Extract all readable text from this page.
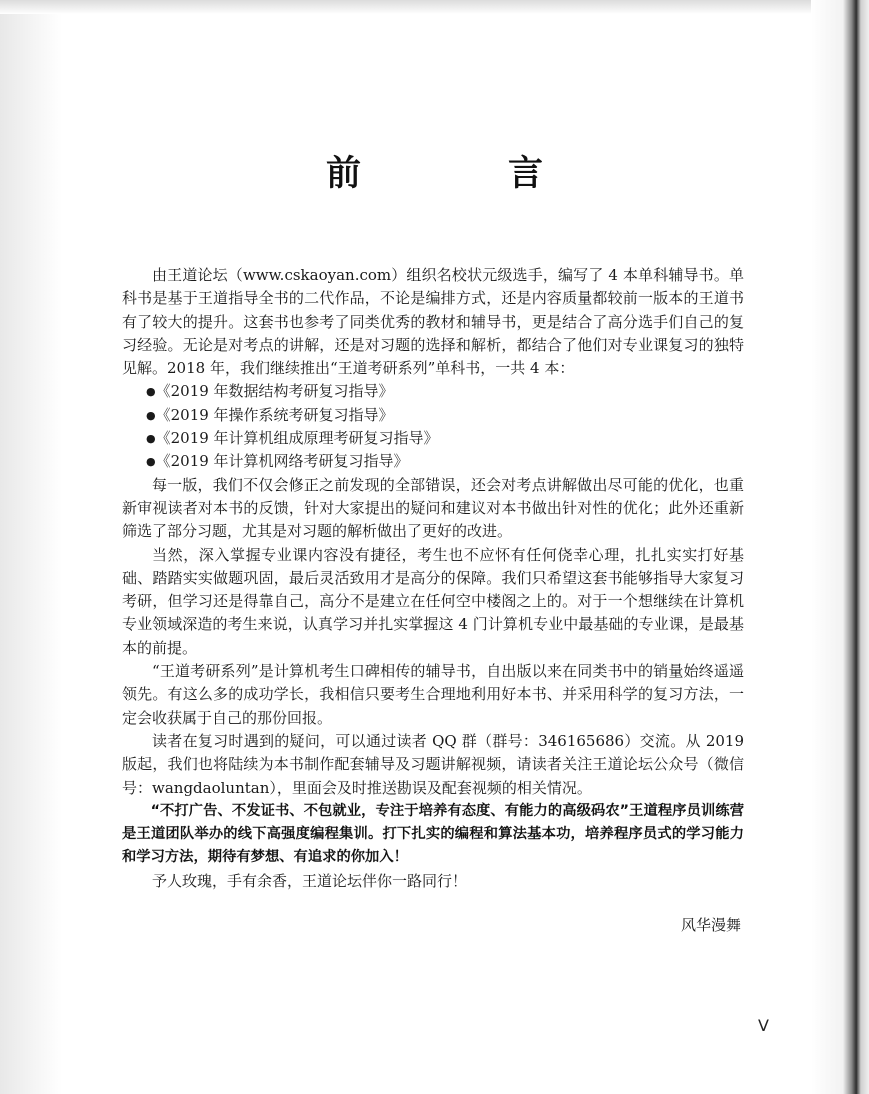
前　言

由王道论坛（www.cskaoyan.com）组织名校状元级选手，编写了 4 本单科辅导书。单科书是基于王道指导全书的二代作品，不论是编排方式，还是内容质量都较前一版本的王道书有了较大的提升。这套书也参考了同类优秀的教材和辅导书，更是结合了高分选手们自己的复习经验。无论是对考点的讲解，还是对习题的选择和解析，都结合了他们对专业课复习的独特见解。2018 年，我们继续推出“王道考研系列”单科书，一共 4 本：

●《2019 年数据结构考研复习指导》
●《2019 年操作系统考研复习指导》
●《2019 年计算机组成原理考研复习指导》
●《2019 年计算机网络考研复习指导》

每一版，我们不仅会修正之前发现的全部错误，还会对考点讲解做出尽可能的优化，也重新审视读者对本书的反馈，针对大家提出的疑问和建议对本书做出针对性的优化；此外还重新筛选了部分习题，尤其是对习题的解析做出了更好的改进。

当然，深入掌握专业课内容没有捷径，考生也不应怀有任何侥幸心理，扎扎实实打好基础、踏踏实实做题巩固，最后灵活致用才是高分的保障。我们只希望这套书能够指导大家复习考研，但学习还是得靠自己，高分不是建立在任何空中楼阁之上的。对于一个想继续在计算机专业领域深造的考生来说，认真学习并扎实掌握这 4 门计算机专业中最基础的专业课，是最基本的前提。

“王道考研系列”是计算机考生口碑相传的辅导书，自出版以来在同类书中的销量始终遥遥领先。有这么多的成功学长，我相信只要考生合理地利用好本书、并采用科学的复习方法，一定会收获属于自己的那份回报。

读者在复习时遇到的疑问，可以通过读者 QQ 群（群号：346165686）交流。从 2019 版起，我们也将陆续为本书制作配套辅导及习题讲解视频，请读者关注王道论坛公众号（微信号：wangdaoluntan），里面会及时推送勘误及配套视频的相关情况。

“不打广告、不发证书、不包就业，专注于培养有态度、有能力的高级码农”王道程序员训练营是王道团队举办的线下高强度编程集训。打下扎实的编程和算法基本功，培养程序员式的学习能力和学习方法，期待有梦想、有追求的你加入！

予人玫瑰，手有余香，王道论坛伴你一路同行！

风华漫舞
V
